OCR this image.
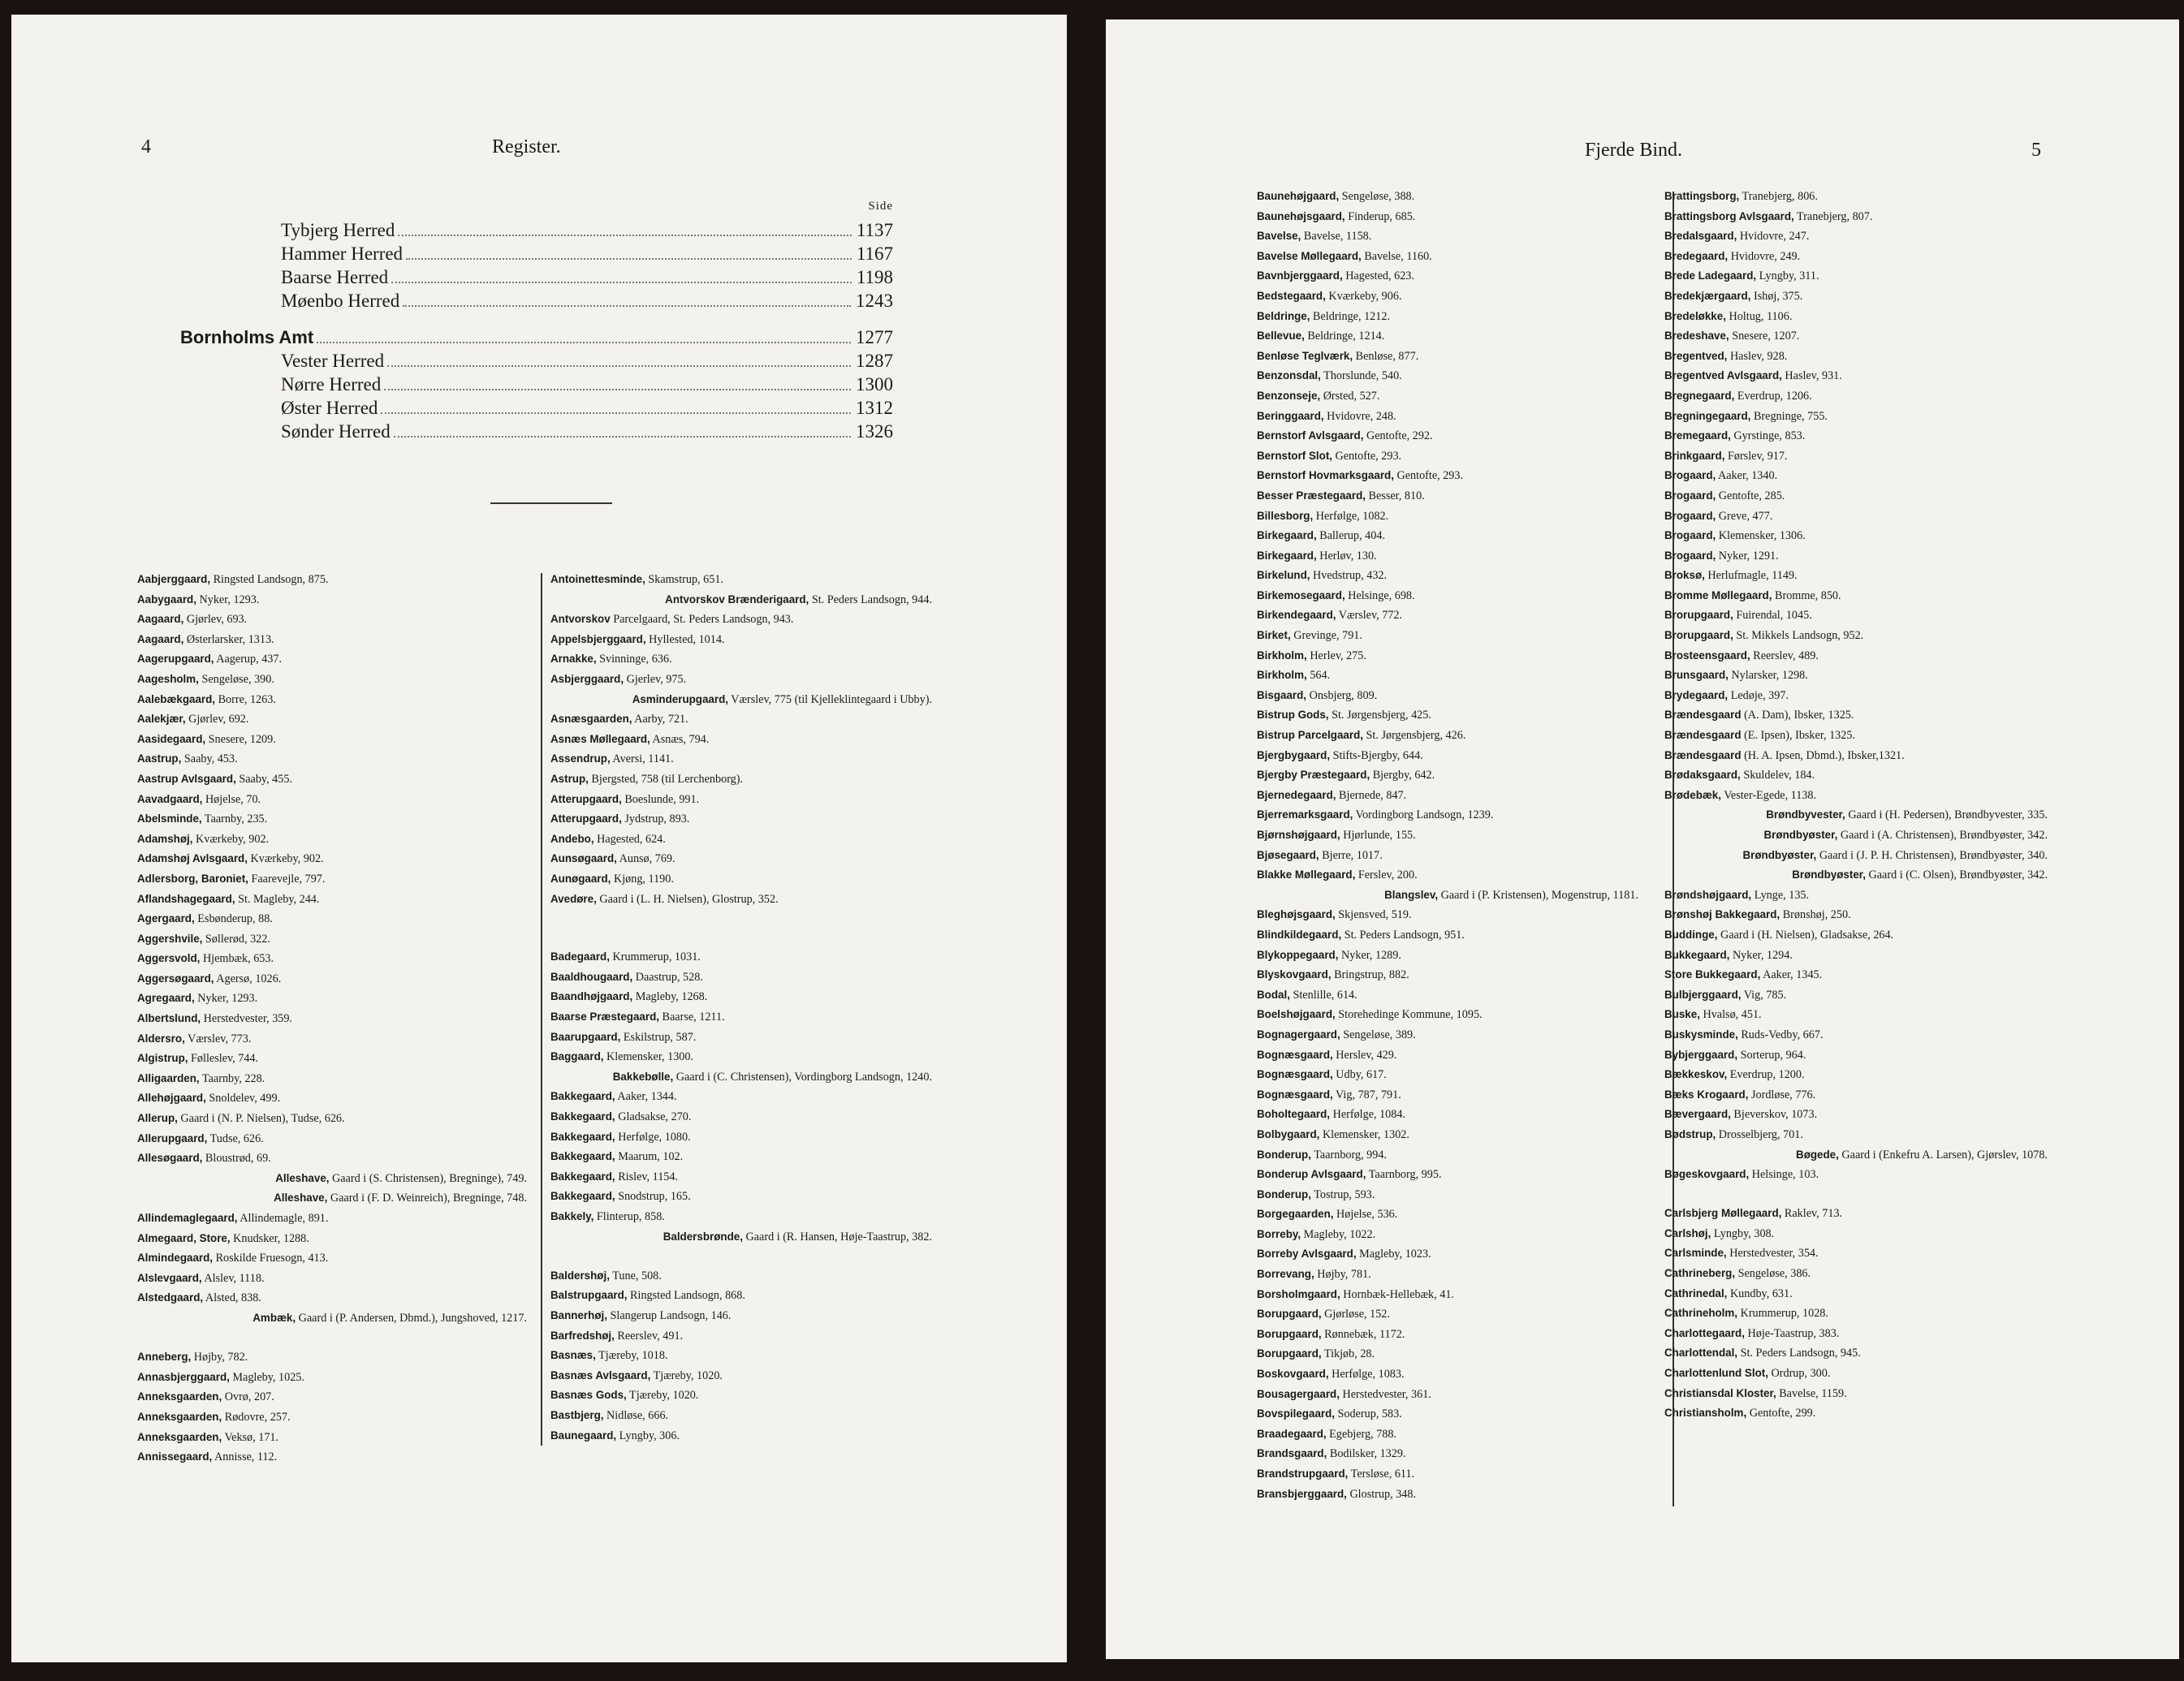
4	Register.
Side
Tybjerg Herred	1137
Hammer Herred	1167
Baarse Herred	1198
Møenbo Herred	1243
Bornholms Amt	1277
Vester Herred	1287
Nørre Herred	1300
Øster Herred	1312
Sønder Herred	1326
Aabjerggaard, Ringsted Landsogn, 875.
Aabygaard, Nyker, 1293.
Aagaard, Gjørlev, 693.
Aagaard, Østerlarsker, 1313.
Aagerupgaard, Aagerup, 437.
Aagesholm, Sengeløse, 390.
Aalebækgaard, Borre, 1263.
Aalekjær, Gjørlev, 692.
Aasidegaard, Snesere, 1209.
Aastrup, Saaby, 453.
Aastrup Avlsgaard, Saaby, 455.
Aavadgaard, Højelse, 70.
Abelsminde, Taarnby, 235.
Adamshøj, Kværkeby, 902.
Adamshøj Avlsgaard, Kværkeby, 902.
Adlersborg, Baroniet, Faarevejle, 797.
Aflandshagegaard, St. Magleby, 244.
Agergaard, Esbønderup, 88.
Aggershvile, Søllerød, 322.
Aggersvold, Hjembæk, 653.
Aggersøgaard, Agersø, 1026.
Agregaard, Nyker, 1293.
Albertslund, Herstedvester, 359.
Aldersro, Værslev, 773.
Algistrup, Følleslev, 744.
Alligaarden, Taarnby, 228.
Allehøjgaard, Snoldelev, 499.
Allerup, Gaard i (N. P. Nielsen), Tudse, 626.
Allerupgaard, Tudse, 626.
Allesøgaard, Bloustrød, 69.
Alleshave, Gaard i (S. Christensen), Bregninge), 749.
Alleshave, Gaard i (F. D. Weinreich), Bregninge, 748.
Allindemaglegaard, Allindemagle, 891.
Almegaard, Store, Knudsker, 1288.
Almindegaard, Roskilde Fruesogn, 413.
Alslevgaard, Alslev, 1118.
Alstedgaard, Alsted, 838.
Ambæk, Gaard i (P. Andersen, Dbmd.), Jungshoved, 1217.
Anneberg, Højby, 782.
Annasbjerggaard, Magleby, 1025.
Anneksgaarden, Ovrø, 207.
Anneksgaarden, Rødovre, 257.
Anneksgaarden, Veksø, 171.
Annissegaard, Annisse, 112.
Antoinettesminde, Skamstrup, 651.
Antvorskov Brænderigaard, St. Peders Landsogn, 944.
Antvorskov Parcelgaard, St. Peders Landsogn, 943.
Appelsbjerggaard, Hyllested, 1014.
Arnakke, Svinninge, 636.
Asbjerggaard, Gjerlev, 975.
Asminderupgaard, Værslev, 775 (til Kjelleklintegaard i Ubby).
Asnæsgaarden, Aarby, 721.
Asnæs Møllegaard, Asnæs, 794.
Assendrup, Aversi, 1141.
Astrup, Bjergsted, 758 (til Lerchenborg).
Atterupgaard, Boeslunde, 991.
Atterupgaard, Jydstrup, 893.
Andebo, Hagested, 624.
Aunsøgaard, Aunsø, 769.
Aunøgaard, Kjøng, 1190.
Avedøre, Gaard i (L. H. Nielsen), Glostrup, 352.
Badegaard, Krummerup, 1031.
Baaldhougaard, Daastrup, 528.
Baandhøjgaard, Magleby, 1268.
Baarse Præstegaard, Baarse, 1211.
Baarupgaard, Eskilstrup, 587.
Baggaard, Klemensker, 1300.
Bakkebølle, Gaard i (C. Christensen), Vordingborg Landsogn, 1240.
Bakkegaard, Aaker, 1344.
Bakkegaard, Gladsakse, 270.
Bakkegaard, Herfølge, 1080.
Bakkegaard, Maarum, 102.
Bakkegaard, Rislev, 1154.
Bakkegaard, Snodstrup, 165.
Bakkely, Flinterup, 858.
Baldersbrønde, Gaard i (R. Hansen, Høje-Taastrup, 382.
Baldershøj, Tune, 508.
Balstrupgaard, Ringsted Landsogn, 868.
Bannerhøj, Slangerup Landsogn, 146.
Barfredshøj, Reerslev, 491.
Basnæs, Tjæreby, 1018.
Basnæs Avlsgaard, Tjæreby, 1020.
Basnæs Gods, Tjæreby, 1020.
Bastbjerg, Nidløse, 666.
Baunegaard, Lyngby, 306.
Fjerde Bind.	5
Baunehøjgaard, Sengeløse, 388.
Baunehøjsgaard, Finderup, 685.
Bavelse, Bavelse, 1158.
Bavelse Møllegaard, Bavelse, 1160.
Bavnbjerggaard, Hagested, 623.
Bedstegaard, Kværkeby, 906.
Beldringe, Beldringe, 1212.
Bellevue, Beldringe, 1214.
Benløse Teglværk, Benløse, 877.
Benzonsdal, Thorslunde, 540.
Benzonseje, Ørsted, 527.
Beringgaard, Hvidovre, 248.
Bernstorf Avlsgaard, Gentofte, 292.
Bernstorf Slot, Gentofte, 293.
Bernstorf Hovmarksgaard, Gentofte, 293.
Besser Præstegaard, Besser, 810.
Billesborg, Herfølge, 1082.
Birkegaard, Ballerup, 404.
Birkegaard, Herløv, 130.
Birkelund, Hvedstrup, 432.
Birkemosegaard, Helsinge, 698.
Birkendegaard, Værslev, 772.
Birket, Grevinge, 791.
Birkholm, Herlev, 275.
Birkholm, 564.
Bisgaard, Onsbjerg, 809.
Bistrup Gods, St. Jørgensbjerg, 425.
Bistrup Parcelgaard, St. Jørgensbjerg, 426.
Bjergbygaard, Stifts-Bjergby, 644.
Bjergby Præstegaard, Bjergby, 642.
Bjernedegaard, Bjernede, 847.
Bjerremarksgaard, Vordingborg Landsogn, 1239.
Bjørnshøjgaard, Hjørlunde, 155.
Bjøsegaard, Bjerre, 1017.
Blakke Møllegaard, Ferslev, 200.
Blangslev, Gaard i (P. Kristensen), Mogenstrup, 1181.
Bleghøjsgaard, Skjensved, 519.
Blindkildegaard, St. Peders Landsogn, 951.
Blykoppegaard, Nyker, 1289.
Blyskovgaard, Bringstrup, 882.
Bodal, Stenlille, 614.
Boelshøjgaard, Storehedinge Kommune, 1095.
Bognagergaard, Sengeløse, 389.
Bognæsgaard, Herslev, 429.
Bognæsgaard, Udby, 617.
Bognæsgaard, Vig, 787, 791.
Boholtegaard, Herfølge, 1084.
Bolbygaard, Klemensker, 1302.
Bonderup, Taarnborg, 994.
Bonderup Avlsgaard, Taarnborg, 995.
Bonderup, Tostrup, 593.
Borgegaarden, Højelse, 536.
Borreby, Magleby, 1022.
Borreby Avlsgaard, Magleby, 1023.
Borrevang, Højby, 781.
Borsholmgaard, Hornbæk-Hellebæk, 41.
Borupgaard, Gjørløse, 152.
Borupgaard, Rønnebæk, 1172.
Borupgaard, Tikjøb, 28.
Boskovgaard, Herfølge, 1083.
Bousagergaard, Herstedvester, 361.
Bovspilegaard, Soderup, 583.
Braadegaard, Egebjerg, 788.
Brandsgaard, Bodilsker, 1329.
Brandstrupgaard, Tersløse, 611.
Bransbjerggaard, Glostrup, 348.
Brattingsborg, Tranebjerg, 806.
Brattingsborg Avlsgaard, Tranebjerg, 807.
Bredalsgaard, Hvidovre, 247.
Bredegaard, Hvidovre, 249.
Brede Ladegaard, Lyngby, 311.
Bredekjærgaard, Ishøj, 375.
Bredeløkke, Holtug, 1106.
Bredeshave, Snesere, 1207.
Bregentved, Haslev, 928.
Bregentved Avlsgaard, Haslev, 931.
Bregnegaard, Everdrup, 1206.
Bregningegaard, Bregninge, 755.
Bremegaard, Gyrstinge, 853.
Brinkgaard, Førslev, 917.
Brogaard, Aaker, 1340.
Brogaard, Gentofte, 285.
Brogaard, Greve, 477.
Brogaard, Klemensker, 1306.
Brogaard, Nyker, 1291.
Broksø, Herlufmagle, 1149.
Bromme Møllegaard, Bromme, 850.
Brorupgaard, Fuirendal, 1045.
Brorupgaard, St. Mikkels Landsogn, 952.
Brosteensgaard, Reerslev, 489.
Brunsgaard, Nylarsker, 1298.
Brydegaard, Ledøje, 397.
Brændesgaard (A. Dam), Ibsker, 1325.
Brændesgaard (E. Ipsen), Ibsker, 1325.
Brændesgaard (H. A. Ipsen, Dbmd.), Ibsker,1321.
Brødaksgaard, Skuldelev, 184.
Brødebæk, Vester-Egede, 1138.
Brøndbyvester, Gaard i (H. Pedersen), Brøndbyvester, 335.
Brøndbyøster, Gaard i (A. Christensen), Brøndbyøster, 342.
Brøndbyøster, Gaard i (J. P. H. Christensen), Brøndbyøster, 340.
Brøndbyøster, Gaard i (C. Olsen), Brøndbyøster, 342.
Brøndshøjgaard, Lynge, 135.
Brønshøj Bakkegaard, Brønshøj, 250.
Buddinge, Gaard i (H. Nielsen), Gladsakse, 264.
Bukkegaard, Nyker, 1294.
Store Bukkegaard, Aaker, 1345.
Bulbjerggaard, Vig, 785.
Buske, Hvalsø, 451.
Buskysminde, Ruds-Vedby, 667.
Bybjerggaard, Sorterup, 964.
Bækkeskov, Everdrup, 1200.
Bæks Krogaard, Jordløse, 776.
Bævergaard, Bjeverskov, 1073.
Bødstrup, Drosselbjerg, 701.
Bøgede, Gaard i (Enkefru A. Larsen), Gjørslev, 1078.
Bøgeskovgaard, Helsinge, 103.
Carlsbjerg Møllegaard, Raklev, 713.
Carlshøj, Lyngby, 308.
Carlsminde, Herstedvester, 354.
Cathrineberg, Sengeløse, 386.
Cathrinedal, Kundby, 631.
Cathrineholm, Krummerup, 1028.
Charlottegaard, Høje-Taastrup, 383.
Charlottendal, St. Peders Landsogn, 945.
Charlottenlund Slot, Ordrup, 300.
Christiansdal Kloster, Bavelse, 1159.
Christiansholm, Gentofte, 299.
